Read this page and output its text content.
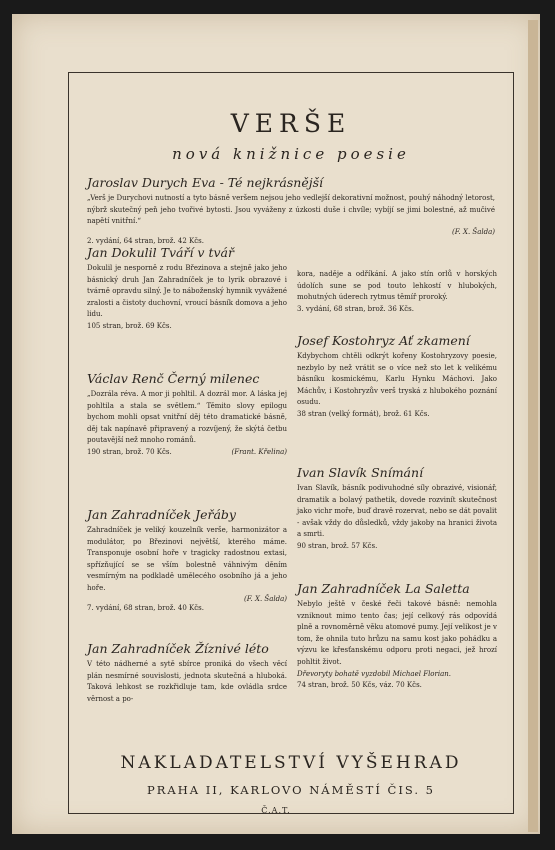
VERŠE
nová knižnice poesie
Jaroslav Durych Eva - Té nejkrásnější
„Verš je Durychovi nutností a tyto básně veršem nejsou jeho vedlejší dekorativní možnost, pouhý náhodný letorost, nýbrž skutečný peň jeho tvořivé bytosti. Jsou vyváženy z úzkosti duše i chvíle; vybíjí se jimi bolestné, až mučivé napětí vnitřní.“
(F. X. Šalda)
2. vydání, 64 stran, brož. 42 Kčs.
Jan Dokulil Tváří v tvář
Dokulil je nesporně z rodu Březinova a stejně jako jeho básnický druh Jan Zahradníček je to lyrik obrazové i tvárně opravdu silný. Je to náboženský hymnik vyvážené zralosti a čistoty duchovní, vroucí básník domova a jeho lidu.
105 stran, brož. 69 Kčs.
Václav Renč Černý milenec
„Dozrála réva. A mor ji pohltil. A dozrál mor. A láska jej pohltila a stala se světlem.“ Těmito slovy epilogu bychom mohli opsat vnitřní děj této dramatické básně, děj tak napínavě připravený a rozvíjený, že skýtá četbu poutavější než mnoho románů.
190 stran, brož. 70 Kčs.	(Frant. Křelina)
Jan Zahradníček Jeřáby
Zahradníček je veliký kouzelník verše, harmonizátor a modulátor, po Březinovi největší, kterého máme. Transponuje osobní hoře v tragicky radostnou extasi, spřízňující se se vším bolestně váhnivým děním vesmírným na podkladě umělecého osobního já a jeho hoře.
(F. X. Šalda)
7. vydání, 68 stran, brož. 40 Kčs.
Jan Zahradníček Žíznivé léto
V této nádherné a sytě sbírce proniká do všech věcí plán nesmírné souvislosti, jednota skutečná a hluboká. Taková lehkost se rozkřidluje tam, kde ovládla srdce věrnost a po-
kora, naděje a odříkání. A jako stín orlů v horských údolích sune se pod touto lehkostí v hlubokých, mohutných úderech rytmus těmíř proroký.
3. vydání, 68 stran, brož. 36 Kčs.
Josef Kostohryz Ať zkamení
Kdybychom chtěli odkrýt kořeny Kostohryzovy poesie, nezbylo by než vrátit se o více než sto let k velikému básníku kosmickému, Karlu Hynku Máchovi. Jako Máchův, i Kostohryzův verš tryská z hlubokého poznání osudu.
38 stran (velký formát), brož. 61 Kčs.
Ivan Slavík Snímání
Ivan Slavík, básník podivuhodné síly obrazivé, visionář, dramatik a bolavý pathetik, dovede rozvinít skutečnost jako vichr moře, buď dravě rozervat, nebo se dát povalit - avšak vždy do důsledků, vždy jakoby na hranici života a smrti.
90 stran, brož. 57 Kčs.
Jan Zahradníček La Saletta
Nebylo ještě v české řeči takové básně: nemohla vzniknout mimo tento čas; její celkový rás odpovídá plně a rovnoměrně věku atomové pumy. Její velikost je v tom, že ohnila tuto hrůzu na samu kost jako pohádku a výzvu ke křesťanskému odporu proti negaci, jež hrozí pohltit život.
Dřevoryty bohatě vyzdobil Michael Florian.
74 stran, brož. 50 Kčs, váz. 70 Kčs.
NAKLADATELSTVÍ VYŠEHRAD
PRAHA II, KARLOVO NÁMĚSTÍ ČIS. 5
Č.A.T.
